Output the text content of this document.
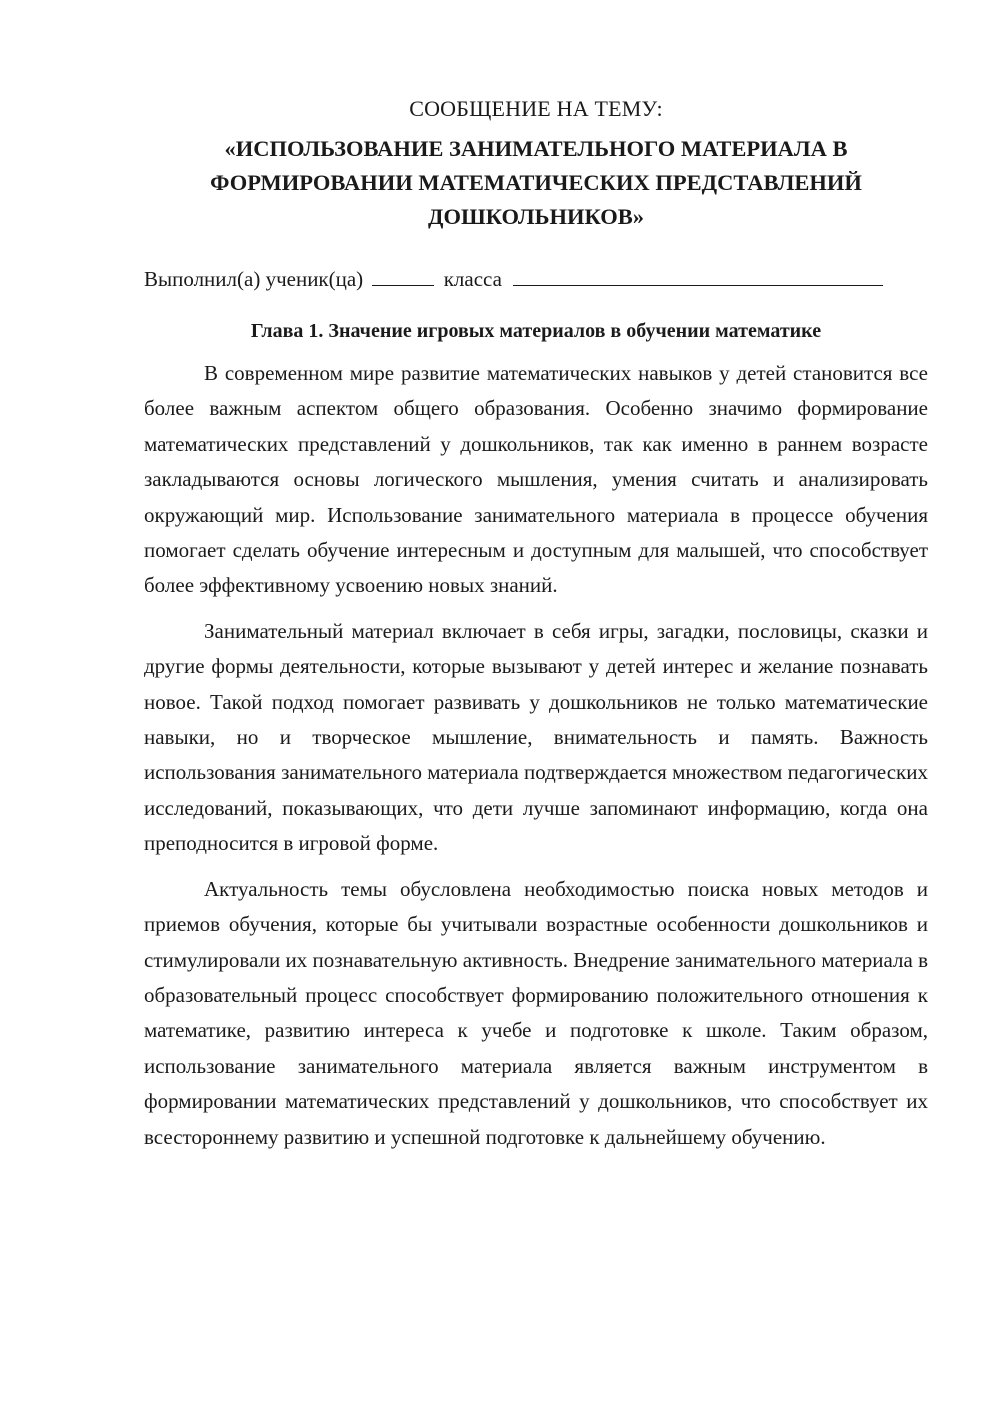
СООБЩЕНИЕ НА ТЕМУ:

«ИСПОЛЬЗОВАНИЕ ЗАНИМАТЕЛЬНОГО МАТЕРИАЛА В ФОРМИРОВАНИИ МАТЕМАТИЧЕСКИХ ПРЕДСТАВЛЕНИЙ ДОШКОЛЬНИКОВ»

Выполнил(а) ученик(ца)	класса

Глава 1. Значение игровых материалов в обучении математике

В современном мире развитие математических навыков у детей становится все более важным аспектом общего образования. Особенно значимо формирование математических представлений у дошкольников, так как именно в раннем возрасте закладываются основы логического мышления, умения считать и анализировать окружающий мир. Использование занимательного материала в процессе обучения помогает сделать обучение интересным и доступным для малышей, что способствует более эффективному усвоению новых знаний.

Занимательный материал включает в себя игры, загадки, пословицы, сказки и другие формы деятельности, которые вызывают у детей интерес и желание познавать новое. Такой подход помогает развивать у дошкольников не только математические навыки, но и творческое мышление, внимательность и память. Важность использования занимательного материала подтверждается множеством педагогических исследований, показывающих, что дети лучше запоминают информацию, когда она преподносится в игровой форме.

Актуальность темы обусловлена необходимостью поиска новых методов и приемов обучения, которые бы учитывали возрастные особенности дошкольников и стимулировали их познавательную активность. Внедрение занимательного материала в образовательный процесс способствует формированию положительного отношения к математике, развитию интереса к учебе и подготовке к школе. Таким образом, использование занимательного материала является важным инструментом в формировании математических представлений у дошкольников, что способствует их всестороннему развитию и успешной подготовке к дальнейшему обучению.
